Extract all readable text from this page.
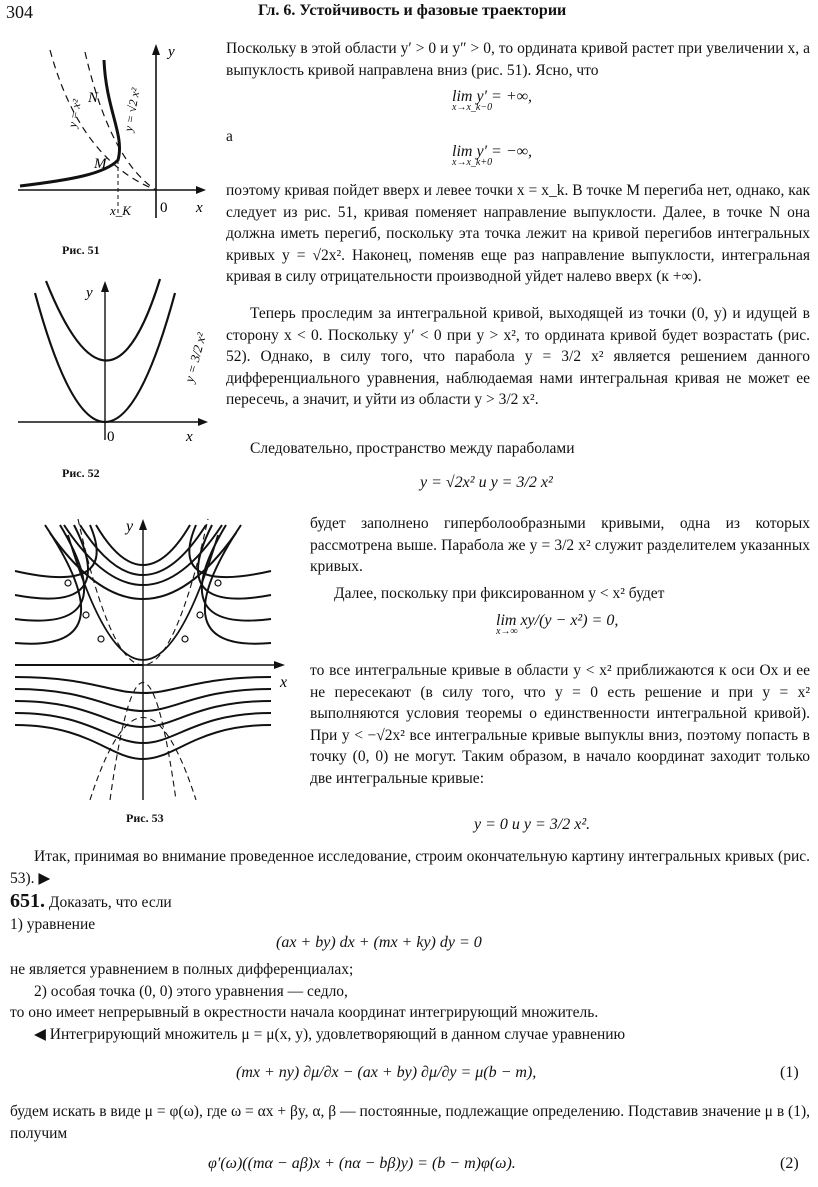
304	Гл. 6. Устойчивость и фазовые траектории
y
x
0
x_K
N
M
y = x²	y = √2 x²
Рис. 51
y
x
0
y = 3/2 x²
Рис. 52
y
x
Рис. 53

Поскольку в этой области y′ > 0 и y″ > 0, то ордината кривой растет при увеличении x, а выпуклость кривой направлена вниз (рис. 51). Ясно, что

lim y′ = +∞,
x→x_k−0
а
lim y′ = −∞,
x→x_k+0

поэтому кривая пойдет вверх и левее точки x = x_k. В точке M перегиба нет, однако, как следует из рис. 51, кривая поменяет направление выпуклости. Далее, в точке N она должна иметь перегиб, поскольку эта точка лежит на кривой перегибов интегральных кривых y = √2x². Наконец, поменяв еще раз направление выпуклости, интегральная кривая в силу отрицательности производной уйдет налево вверх (к +∞).

Теперь проследим за интегральной кривой, выходящей из точки (0, y) и идущей в сторону x < 0. Поскольку y′ < 0 при y > x², то ордината кривой будет возрастать (рис. 52). Однако, в силу того, что парабола y = 3/2 x² является решением данного дифференциального уравнения, наблюдаемая нами интегральная кривая не может ее пересечь, а значит, и уйти из области y > 3/2 x².

Следовательно, пространство между параболами

y = √2x² и y = 3/2 x²

будет заполнено гиперболообразными кривыми, одна из которых рассмотрена выше. Парабола же y = 3/2 x² служит разделителем указанных кривых.

Далее, поскольку при фиксированном y < x² будет

lim xy/(y − x²) = 0,
x→∞

то все интегральные кривые в области y < x² приближаются к оси Ox и ее не пересекают (в силу того, что y = 0 есть решение и при y = x² выполняются условия теоремы о единственности интегральной кривой). При y < −√2x² все интегральные кривые выпуклы вниз, поэтому попасть в точку (0, 0) не могут. Таким образом, в начало координат заходит только две интегральные кривые:

y = 0 и y = 3/2 x².

Итак, принимая во внимание проведенное исследование, строим окончательную картину интегральных кривых (рис. 53). ▶

651. Доказать, что если

1) уравнение

(ax + by) dx + (mx + ky) dy = 0

не является уравнением в полных дифференциалах;

2) особая точка (0, 0) этого уравнения — седло,

то оно имеет непрерывный в окрестности начала координат интегрирующий множитель.

◀ Интегрирующий множитель μ = μ(x, y), удовлетворяющий в данном случае уравнению

(mx + ny) ∂μ/∂x − (ax + by) ∂μ/∂y = μ(b − m),	(1)

будем искать в виде μ = φ(ω), где ω = αx + βy, α, β — постоянные, подлежащие определению. Подставив значение μ в (1), получим

φ′(ω)((mα − aβ)x + (nα − bβ)y) = (b − m)φ(ω).	(2)
